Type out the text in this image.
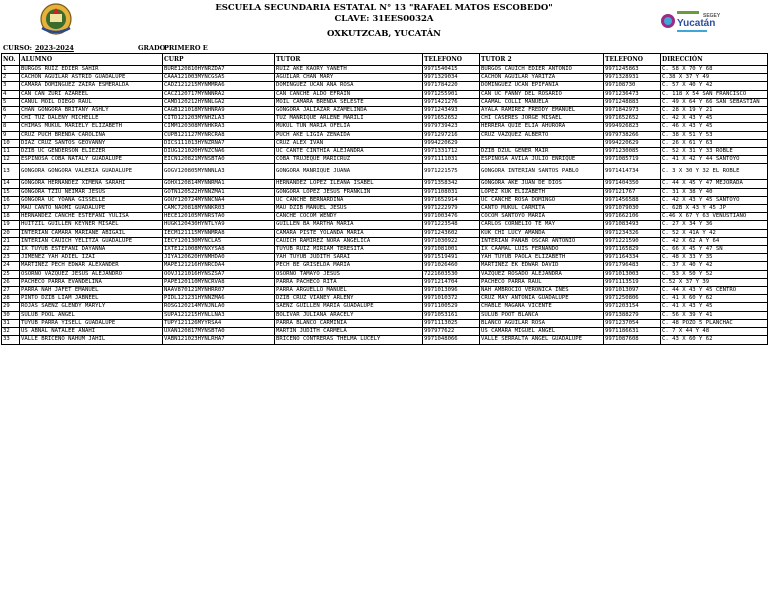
ESCUELA SECUNDARIA ESTATAL N° 13 "RAFAEL MATOS ESCOBEDO"
CLAVE: 31EES0032A
OXKUTZCAB, YUCATÁN
Yucatán
SEGEY
CURSO: 2023-2024	GRADO
PRIMERO E
NO.	ALUMNO	CURP	TUTOR	TELEFONO	TUTOR 2	TELEFONO	DIRECCIÓN
1	BURGOS RUIZ EDIER SAHIR	BURE120810HYNRZDA7	RUIZ AKE KAORY YANETH	9971540415	BURGOS CAUICH EDIER ANTONIO	9971245863	C. 58 X 70 Y 68
2	CACHON AGUILAR ASTRID GUADALUPE	CAAA121003MYNCGSA5	AGUILAR CHAN MARY	9971329034	CACHON AGUILAR YARITZA	9971328931	C.38 X 37 Y 49
3	CAMARA DOMINGUEZ ZAIRA ESMERALDA	CADZ121215MYNMMRA6	DOMINGUEZ UCAN ANA ROSA	9971784220	DOMINGUEZ UCAN EPIFANIA	997108730	C. 57 X 40 Y 42
4	CAN CAN ZURI AZAREEL	CACZ120717MYNNNRA2	CAN CANCHE ALDO EFRAIN	9971255901	CAN UC FANNY DEL ROSARIO	9971236473	C. 118 X 54 SAN FRANCISCO
5	CANUL MOIL DIEGO RAUL	CAMD120212HYNNLGA2	MOIL CAMARA BRENDA SELESTE	9971421276	CAAMAL COLLI MANUELA	9971248883	C. 49 X 64 Y 66 SAN SEBASTIAN
6	CHAN GONGORA BRITANY ASHLY	CAGB121018MYNHNRA9	GONGORA JALIAZAR AZAMELINDA	9971243493	AYALA RAMIREZ FREDDY EMANUEL	9971842973	C. 28 X 19 Y 21
7	CHI TUZ DALENY MICHELLE	CITD121203MYNHZLA3	TUZ MANRIQUE ARLENE MARILI	9971652652	CHI CASERES JORGE MISAEL	9971652652	C. 42 X 43 Y 45
8	CHIMAS MUKUL MARIELY ELIZABETH	CIMM120308MYNHKRA3	MUKUL TUN MARIA OFELIA	9979739423	HERRERA QUIE ELIA AHURORA	9994926823	C. 46 X 43 Y 45
9	CRUZ PUCH BRENDA CAROLINA	CUPB121127MYNRCRA8	PUCH AKE LIGIA ZENAIDA	9971297216	CRUZ VAZQUEZ ALBERTO	9979738266	C. 38 X 51 Y 53
10	DIAZ CRUZ SANTOS GEOVANNY	DICS111013HYNZRNA7	CRUZ ALEX IVAN	9994220629		9994220629	C. 26 X 61 Y 63
11	DZIB UC GENDERSON ELIEZER	DIUG121020HYNZCNA6	UC CANTE CINTHIA ALEJANDRA	9971331712	DZIB DZUL GENER MAIR	9971230085	C. 52 X 31 Y 33 ROBLE
12	ESPINOSA COBA NATALY GUADALUPE	EICN120821MYNSBTA0	COBA TRUJEQUE MARICRUZ	9971111031	ESPINOSA AVILA JULIO ENRIQUE	9971085719	C. 41 X 42 Y 44 SANTOYO
13	GONGORA GONGORA VALERIA GUADALUPE	GOGV120805MYNNNLA3	GONGORA MANRIQUE JUANA	9971221575	GONGORA INTERIAN SANTOS PABLO	9971414734	C. 3 X 30 Y 32 EL ROBLE
14	GONGORA HERNANDEZ XIMENA SARAHI	GOHX120814MYNNRMA1	HERNANDEZ LOPEZ ILEANA ISABEL	9971358342	GONGORA AKE JUAN DE DIOS	9971404350	C. 44 X 45 Y 47 MEJORADA
15	GONGORA TZIU NEIMAR JESUS	GOTN120522HYNNZMA1	GONGORA LOPEZ JESUS FRANKLIN	9971108031	LOPEZ KUK ELIZABETH	997121767	C. 31 X 38 Y 40
16	GONGORA UC YOANA GISSELLE	GOUY120724MYNNCNA4	UC CANCHE BERNARDINA	9971652914	UC CANCHE ROSA DOMINGO	9971456588	C. 42 X 43 Y 45 SANTOYO
17	MAU CANTO NAOMI GUADALUPE	CAMC720818MYNNKR03	MAU DZIB MANUEL JESUS	9971222979	CANTO MUKUL CARMITA	9971079030	C. 62B X 43 Y 45 JP
18	HERNANDEZ CANCHE ESTEFANI YULISA	HECE120105MYNRSTA0	CANCHE COCOM WENDY	9971003476	COCOM SANTOYO MARIA	9971662106	C.46 X 67 Y 63 VENUSTIANO
19	HUITZIL GUILLEN KEYNER MISAEL	HUGK120430HYNTLYA9	GUILLEN BA MARTHA MARIA	9971223548	CARLOS CORNELIO TE MAY	9971083493	C. 27 X 34 Y 36
20	INTERIAN CAMARA MARIANE ABIGAIL	IECM121115MYNNMRA8	CAMARA PISTE YOLANDA MARIA	9971243602	KUK CHI LUCY AMANDA	9971234326	C. 52 X 41A Y 42
21	INTERIAN CAUICH YELITZA GUADALUPE	IECY120130MYNCLA5	CAUICH RAMIREZ NORA ANGELICA	9971030922	INTERIAN PANAB OSCAR ANTONIO	9971221590	C. 42 X 62 A Y 64
22	IX TUYUB ESTEFANI DAYANNA	IXTE121008MYNXYSA8	TUYUB RUIZ MIRIAM TERESITA	9971081001	IX CAAMAL LUIS FERNANDO	9971165829	C. 66 X 45 Y 47 SN
23	JIMENEZ YAH ADIEL IZAI	JIYA120620HYNMHDA0	YAH TUYUB JUDITH SARAI	9971519491	YAH TUYUB PAOLA ELIZABETH	9971164334	C. 48 X 33 Y 35
24	MARTINEZ PECH EDWAR ALEXANDER	MAPE121216HYNRCDA4	PECH BE GRISELDA MARIA	9971026460	MARTINEZ EK EDWAR DAVID	9971796483	C. 37 X 40 Y 42
25	OSORNO VAZQUEZ JESUS ALEJANDRO	OOVJ121016HYNSZSA7	OSORNO TAMAYO JESUS	7221603530	VAZQUEZ ROSADO ALEJANDRA	9971013003	C. 53 X 50 Y 52
26	PACHECO PARRA EVANDELINA	PAPE120110MYNCRVA8	PARRA PACHECO RITA	9971214704	PACHECO PARRA RAUL	9971113519	C.52 X 37 Y 39
27	PARRA NAH JAFET EMANUEL	NAAV870121MYNHRR07	PARRA ARGUELLO MANUEL	9971013096	NAH AMBROCIO VERONICA INES	9971013097	C. 44 X 43 Y 45 CENTRO
28	PINTO DZIB LIAM JABNEEL	PIDL121231HYNNZMA6	DZIB CRUZ VIANEY ARLENY	9971010372	CRUZ MAY ANTONIA GUADALUPE	9971250806	C. 41 X 60 Y 62
29	ROJAS SAENZ GLENDY MARYLY	ROSG120214MYNJNLA0	SAENZ GUILLEN MARIA GUADALUPE	9971100529	CHABLE MAGANA VICENTE	9971203154	C. 41 X 43 Y 45
30	SULUB POOL ANGEL	SUPA121215HYNLLNA3	BOLIVAR JULIANA ARACELY	9971053161	SULUB POOT BLANCA	9971388279	C. 56 X 39 Y 41
31	TUYUB PARRA YISELL GUADALUPE	TUPY121126MYYRSA4	PARRA BLANCO CARMINIA	9971113025	BLANCO AGUILAR ROSA	9971237054	C. 48 POZO 5 PLANCHAC
32	US ABNAL NATALEE ANAHI	UXAN120817MYNSBTA0	MARTIN JUDITH CARMELA	997977622	US CAMARA MIGUEL ANGEL	9971186631	C. 7 X 44 Y 48
33	VALLE BRICEÑO NAHUM JAHIL	VABN121023HYNLRHA7	BRICEÑO CONTRERAS THELMA LUCELY	9971048066	VALLE SERRALTA ANGEL GUADALUPE	9971087608	C. 43 X 60 Y 62
